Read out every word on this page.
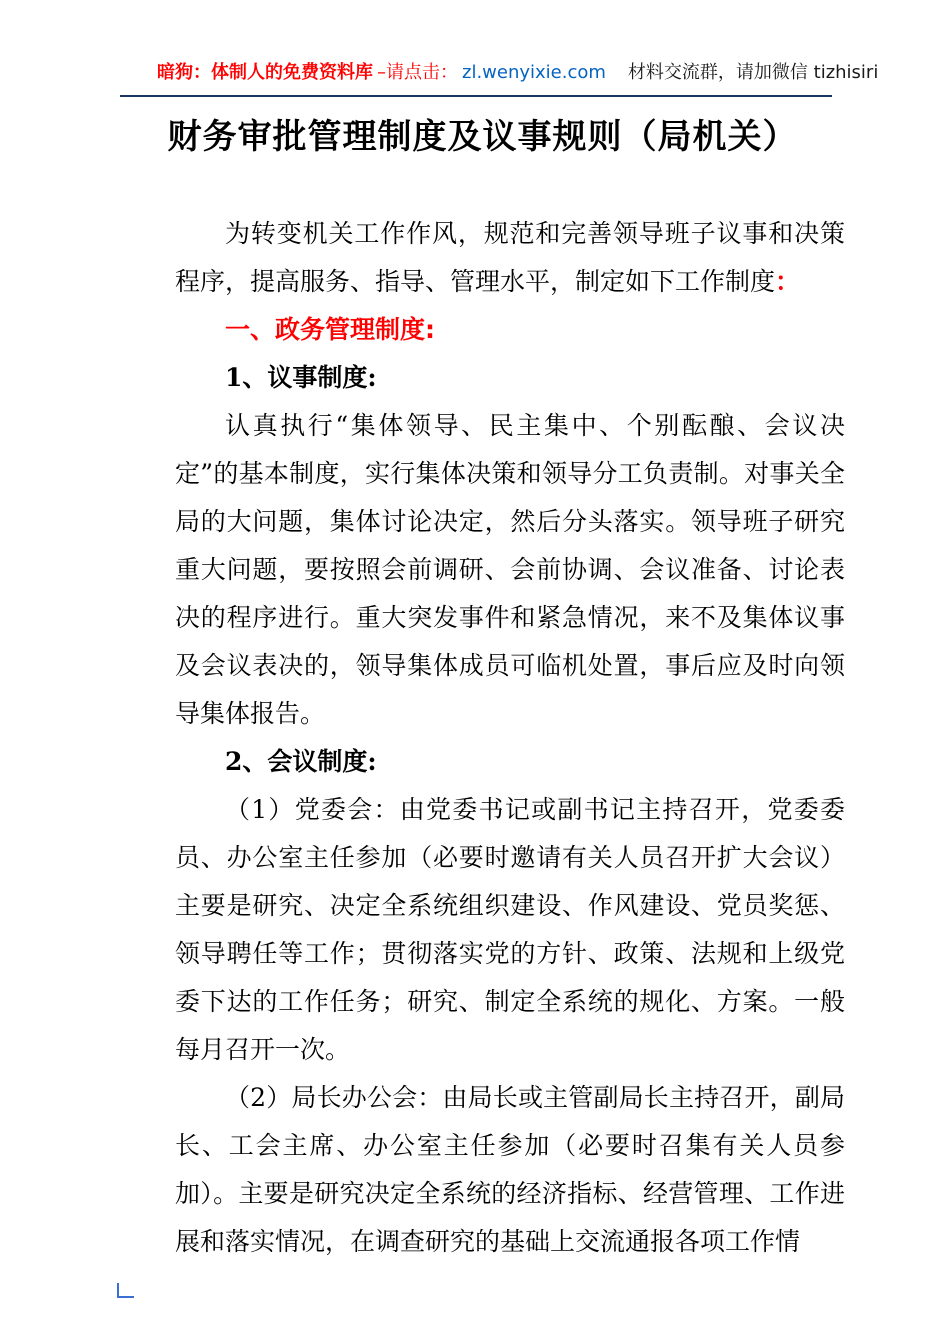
暗狗：体制人的免费资料库 –请点击： zl.wenyixie.com 材料交流群，请加微信 tizhisiri
财务审批管理制度及议事规则（局机关）

为转变机关工作作风，规范和完善领导班子议事和决策程序，提高服务、指导、管理水平，制定如下工作制度：

一、政务管理制度:

1、议事制度:

认真执行“集体领导、民主集中、个别酝酿、会议决定”的基本制度，实行集体决策和领导分工负责制。对事关全局的大问题，集体讨论决定，然后分头落实。领导班子研究重大问题，要按照会前调研、会前协调、会议准备、讨论表决的程序进行。重大突发事件和紧急情况，来不及集体议事及会议表决的，领导集体成员可临机处置，事后应及时向领导集体报告。

2、会议制度:

（1）党委会：由党委书记或副书记主持召开，党委委员、办公室主任参加（必要时邀请有关人员召开扩大会议）主要是研究、决定全系统组织建设、作风建设、党员奖惩、领导聘任等工作；贯彻落实党的方针、政策、法规和上级党委下达的工作任务；研究、制定全系统的规化、方案。一般每月召开一次。

（2）局长办公会：由局长或主管副局长主持召开，副局长、工会主席、办公室主任参加（必要时召集有关人员参加）。主要是研究决定全系统的经济指标、经营管理、工作进展和落实情况，在调查研究的基础上交流通报各项工作情
